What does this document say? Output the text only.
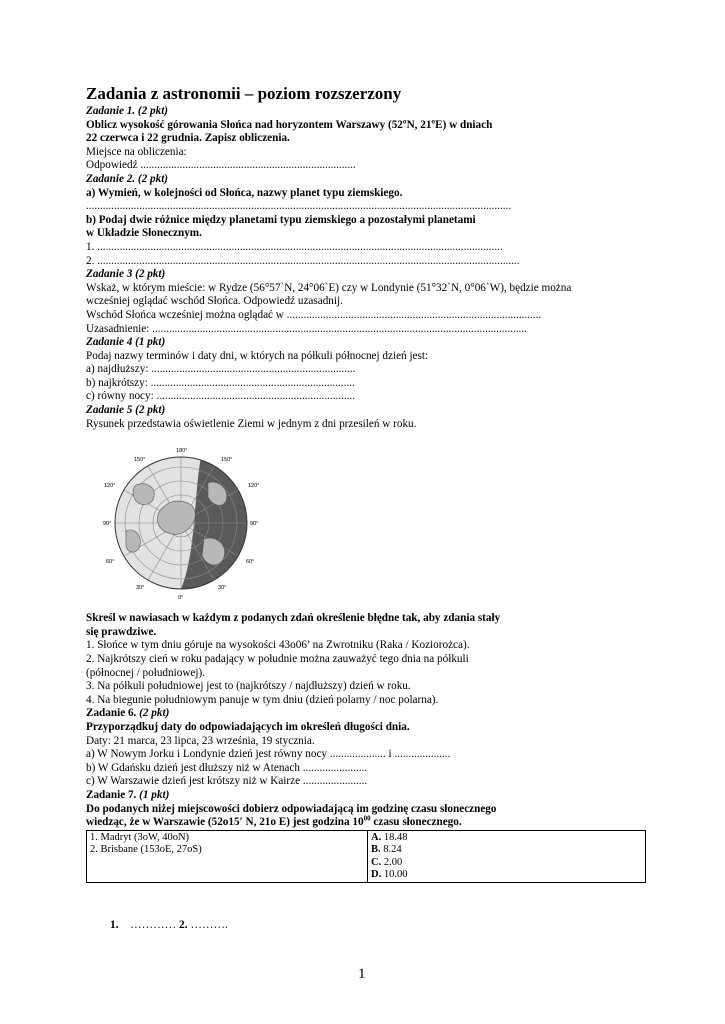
Zadania z astronomii – poziom rozszerzony

Zadanie 1. (2 pkt)

Oblicz wysokość górowania Słońca nad horyzontem Warszawy (52ºN, 21ºE) w dniach

22 czerwca i 22 grudnia. Zapisz obliczenia.

Miejsce na obliczenia:

Odpowiedź .............................................................................

Zadanie 2. (2 pkt)

a) Wymień, w kolejności od Słońca, nazwy planet typu ziemskiego.

........................................................................................................................................................

b) Podaj dwie różnice między planetami typu ziemskiego a pozostałymi planetami

w Układzie Słonecznym.

1. .................................................................................................................................................

2. .......................................................................................................................................................

Zadanie 3 (2 pkt)

Wskaż, w którym mieście: w Rydze (56°57`N, 24°06`E) czy w Londynie (51°32`N, 0°06`W), będzie można

wcześniej oglądać wschód Słońca. Odpowiedź uzasadnij.

Wschód Słońca wcześniej można oglądać w ...........................................................................................

Uzasadnienie: ......................................................................................................................................

Zadanie 4 (1 pkt)

Podaj nazwy terminów i daty dni, w których na półkuli północnej dzień jest:

a) najdłuższy: .........................................................................

b) najkrótszy: .........................................................................

c) równy nocy: .......................................................................

Zadanie 5 (2 pkt)

Rysunek przedstawia oświetlenie Ziemi w jednym z dni przesileń w roku.

180°
150°	150°
120°	120°
90°	90°
60°	60°
30°	30°
0°

Skreśl w nawiasach w każdym z podanych zdań określenie błędne tak, aby zdania stały

się prawdziwe.

1. Słońce w tym dniu góruje na wysokości 43o06’ na Zwrotniku (Raka / Koziorożca).

2. Najkrótszy cień w roku padający w południe można zauważyć tego dnia na półkuli

(północnej / południowej).

3. Na półkuli południowej jest to (najkrótszy / najdłuższy) dzień w roku.

4. Na biegunie południowym panuje w tym dniu (dzień polarny / noc polarna).

Zadanie 6. (2 pkt)

Przyporządkuj daty do odpowiadających im określeń długości dnia.

Daty: 21 marca, 23 lipca, 23 września, 19 stycznia.

a) W Nowym Jorku i Londynie dzień jest równy nocy .................... i ....................

b) W Gdańsku dzień jest dłuższy niż w Atenach .......................

c) W Warszawie dzień jest krótszy niż w Kairze .......................

Zadanie 7. (1 pkt)

Do podanych niżej miejscowości dobierz odpowiadającą im godzinę czasu słonecznego

wiedząc, że w Warszawie (52o15′ N, 21o E) jest godzina $10^{00}$ czasu słonecznego.

1. Madryt (3oW, 40oN)
2. Brisbane (153oE, 27oS)

A. 18.48
B. 8.24
C. 2.00
D. 10.00
1. ………… 2. ……….
1
